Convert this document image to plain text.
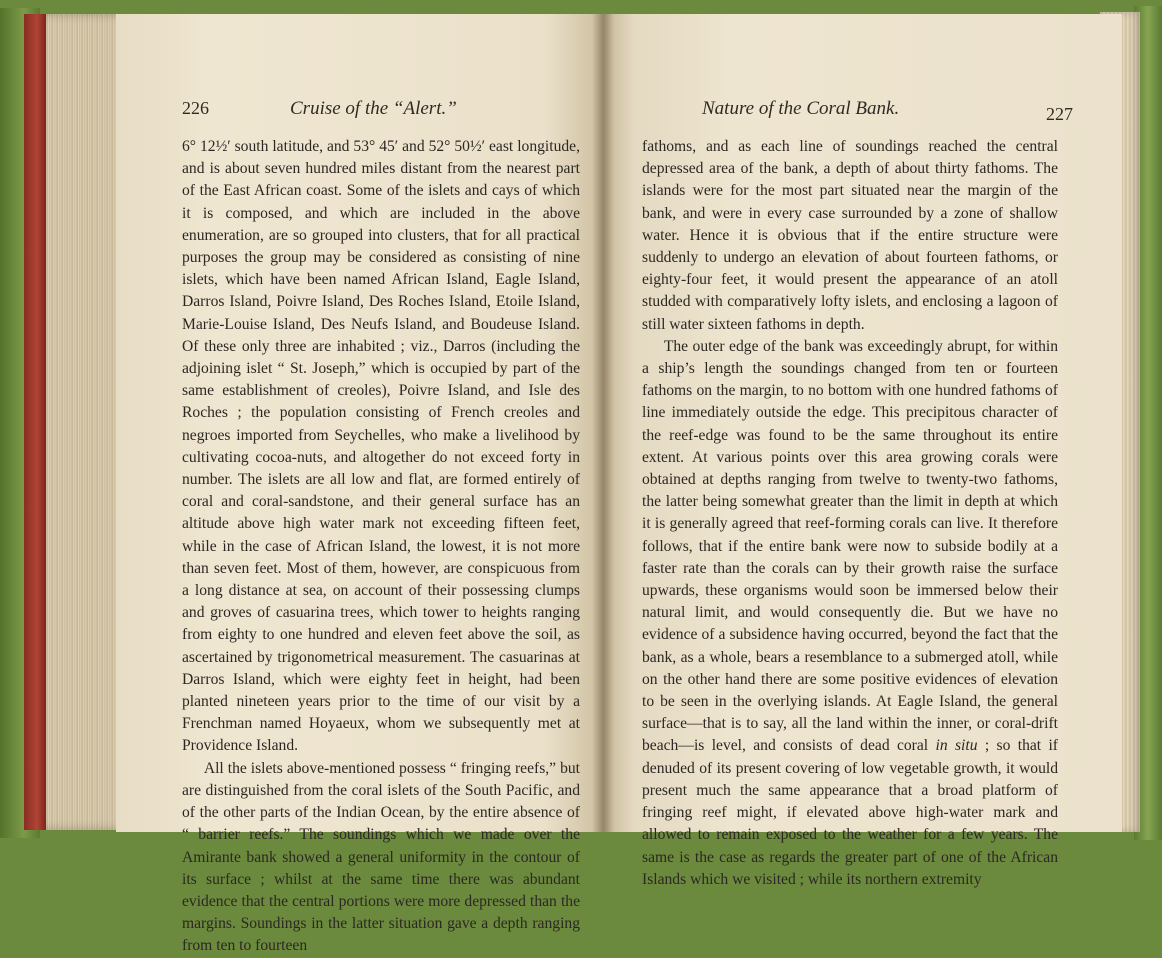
226	Cruise of the “Alert.”

6° 12½′ south latitude, and 53° 45′ and 52° 50½′ east longitude, and is about seven hundred miles distant from the nearest part of the East African coast. Some of the islets and cays of which it is composed, and which are included in the above enumeration, are so grouped into clusters, that for all practical purposes the group may be considered as consisting of nine islets, which have been named African Island, Eagle Island, Darros Island, Poivre Island, Des Roches Island, Etoile Island, Marie-Louise Island, Des Neufs Island, and Boudeuse Island. Of these only three are inhabited ; viz., Darros (including the adjoining islet “ St. Joseph,” which is occupied by part of the same establishment of creoles), Poivre Island, and Isle des Roches ; the population consisting of French creoles and negroes imported from Seychelles, who make a livelihood by cultivating cocoa-nuts, and altogether do not exceed forty in number. The islets are all low and flat, are formed entirely of coral and coral-sandstone, and their general surface has an altitude above high water mark not exceeding fifteen feet, while in the case of African Island, the lowest, it is not more than seven feet. Most of them, however, are conspicuous from a long distance at sea, on account of their possessing clumps and groves of casuarina trees, which tower to heights ranging from eighty to one hundred and eleven feet above the soil, as ascertained by trigonometrical measurement. The casuarinas at Darros Island, which were eighty feet in height, had been planted nineteen years prior to the time of our visit by a Frenchman named Hoyaeux, whom we subsequently met at Providence Island.

All the islets above-mentioned possess “ fringing reefs,” but are distinguished from the coral islets of the South Pacific, and of the other parts of the Indian Ocean, by the entire absence of “ barrier reefs.” The soundings which we made over the Amirante bank showed a general uniformity in the contour of its surface ; whilst at the same time there was abundant evidence that the central portions were more depressed than the margins. Soundings in the latter situation gave a depth ranging from ten to fourteen

Nature of the Coral Bank.	227

fathoms, and as each line of soundings reached the central depressed area of the bank, a depth of about thirty fathoms. The islands were for the most part situated near the margin of the bank, and were in every case surrounded by a zone of shallow water. Hence it is obvious that if the entire structure were suddenly to undergo an elevation of about fourteen fathoms, or eighty-four feet, it would present the appearance of an atoll studded with comparatively lofty islets, and enclosing a lagoon of still water sixteen fathoms in depth.

The outer edge of the bank was exceedingly abrupt, for within a ship’s length the soundings changed from ten or fourteen fathoms on the margin, to no bottom with one hundred fathoms of line immediately outside the edge. This precipitous character of the reef-edge was found to be the same throughout its entire extent. At various points over this area growing corals were obtained at depths ranging from twelve to twenty-two fathoms, the latter being somewhat greater than the limit in depth at which it is generally agreed that reef-forming corals can live. It therefore follows, that if the entire bank were now to subside bodily at a faster rate than the corals can by their growth raise the surface upwards, these organisms would soon be immersed below their natural limit, and would consequently die. But we have no evidence of a subsidence having occurred, beyond the fact that the bank, as a whole, bears a resemblance to a submerged atoll, while on the other hand there are some positive evidences of elevation to be seen in the overlying islands. At Eagle Island, the general surface—that is to say, all the land within the inner, or coral-drift beach—is level, and consists of dead coral in situ ; so that if denuded of its present covering of low vegetable growth, it would present much the same appearance that a broad platform of fringing reef might, if elevated above high-water mark and allowed to remain exposed to the weather for a few years. The same is the case as regards the greater part of one of the African Islands which we visited ; while its northern extremity
